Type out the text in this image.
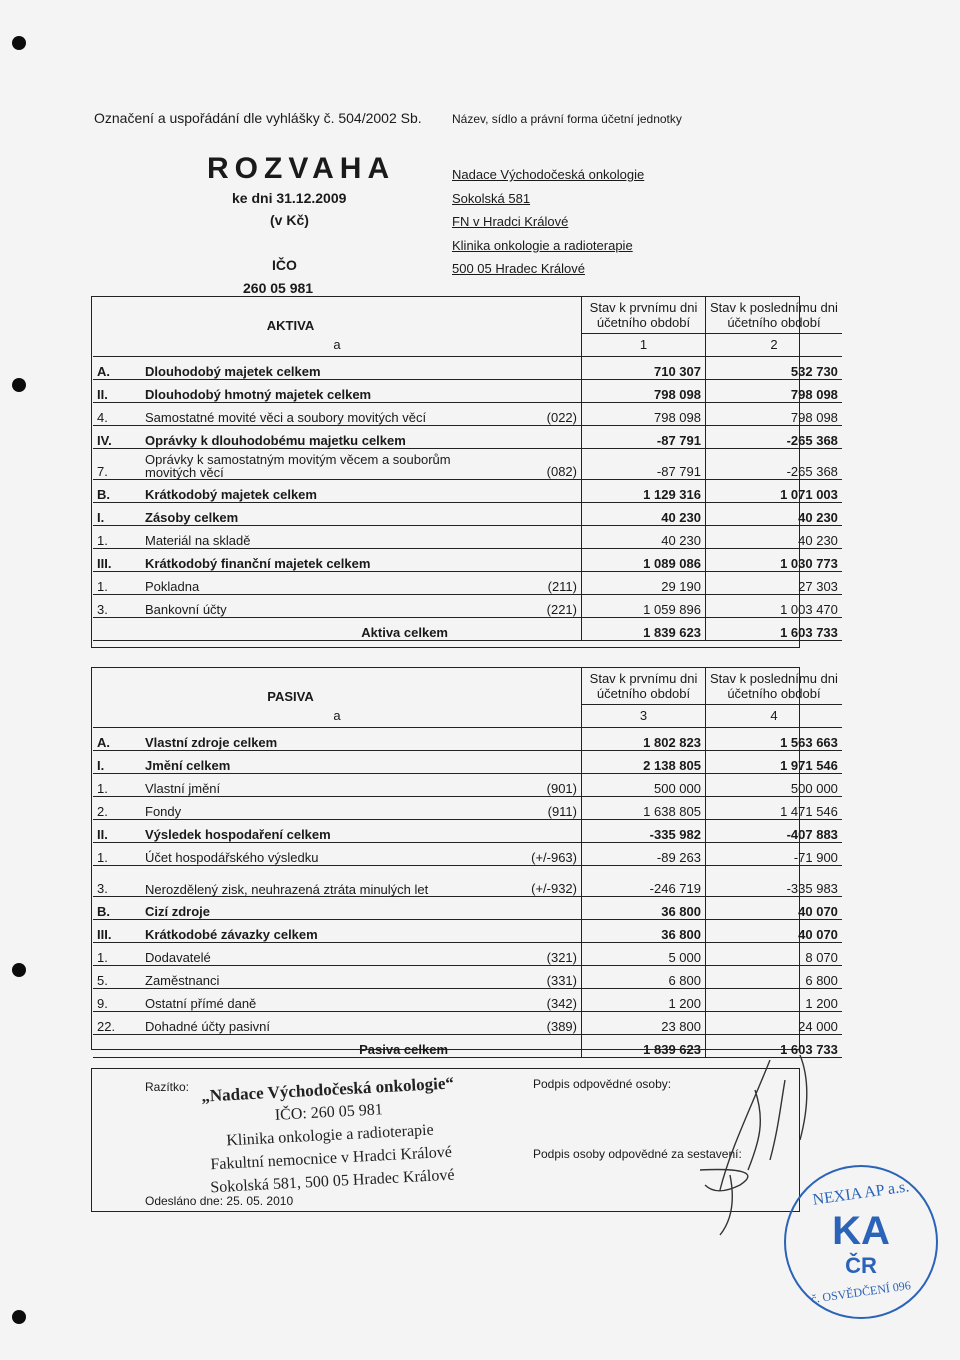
Označení a uspořádání dle vyhlášky č. 504/2002 Sb.	Název, sídlo a právní forma účetní jednotky
ROZVAHA
ke dni 31.12.2009
(v Kč)
IČO
260 05 981
Nadace Východočeská onkologie
Sokolská 581
FN v Hradci Králové
Klinika onkologie a radioterapie
500 05 Hradec Králové
AKTIVA			Stav k prvnímu dni
účetního období	Stav k poslednímu dni
účetního období
a			1	2
A.	Dlouhodobý majetek celkem		710 307	532 730
II.	Dlouhodobý hmotný majetek celkem		798 098	798 098
4.	Samostatné movité věci a soubory movitých věcí	(022)	798 098	798 098
IV.	Oprávky k dlouhodobému majetku celkem		-87 791	-265 368
7.	Oprávky k samostatným movitým věcem a souborům movitých věcí	(082)	-87 791	-265 368
B.	Krátkodobý majetek celkem		1 129 316	1 071 003
I.	Zásoby celkem		40 230	40 230
1.	Materiál na skladě		40 230	40 230
III.	Krátkodobý finanční majetek celkem		1 089 086	1 030 773
1.	Pokladna	(211)	29 190	27 303
3.	Bankovní účty	(221)	1 059 896	1 003 470
	Aktiva celkem		1 839 623	1 603 733
PASIVA			Stav k prvnímu dni
účetního období	Stav k poslednímu dni
účetního období
a			3	4
A.	Vlastní zdroje celkem		1 802 823	1 563 663
I.	Jmění celkem		2 138 805	1 971 546
1.	Vlastní jmění	(901)	500 000	500 000
2.	Fondy	(911)	1 638 805	1 471 546
II.	Výsledek hospodaření celkem		-335 982	-407 883
1.	Účet hospodářského výsledku	(+/-963)	-89 263	-71 900
3.	Nerozdělený zisk, neuhrazená ztráta minulých let	(+/-932)	-246 719	-335 983
B.	Cizí zdroje		36 800	40 070
III.	Krátkodobé závazky celkem		36 800	40 070
1.	Dodavatelé	(321)	5 000	8 070
5.	Zaměstnanci	(331)	6 800	6 800
9.	Ostatní přímé daně	(342)	1 200	1 200
22.	Dohadné účty pasivní	(389)	23 800	24 000
	Pasiva celkem		1 839 623	1 603 733
Razítko: „Nadace Východočeská onkologie“
IČO: 260 05 981
Klinika onkologie a radioterapie
Fakultní nemocnice v Hradci Králové
Sokolská 581, 500 05 Hradec Králové
Podpis odpovědné osoby:
Podpis osoby odpovědné za sestavení:
Odesláno dne: 25. 05. 2010	NEXIA AP a.s.
KA
ČR
č. OSVĚDČENÍ 096
